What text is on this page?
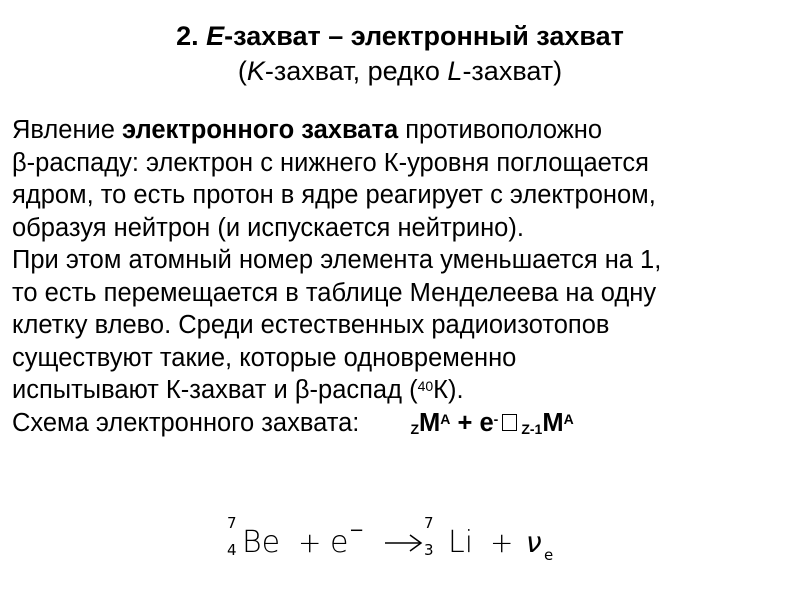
2. E-захват – электронный захват
(K-захват, редко L-захват)
Явление электронного захвата противоположно
β-распаду: электрон с нижнего К-уровня поглощается
ядром, то есть протон в ядре реагирует с электроном,
образуя нейтрон (и испускается нейтрино).
При этом атомный номер элемента уменьшается на 1,
то есть перемещается в таблице Менделеева на одну
клетку влево. Среди естественных радиоизотопов
существуют такие, которые одновременно
испытывают К-захват и β-распад ($^{40}$К).
Схема электронного захвата:	$_ZM^A + e^-_{Z-1}M^A$
7
4 Be + e −	7
3 Li + ν e
